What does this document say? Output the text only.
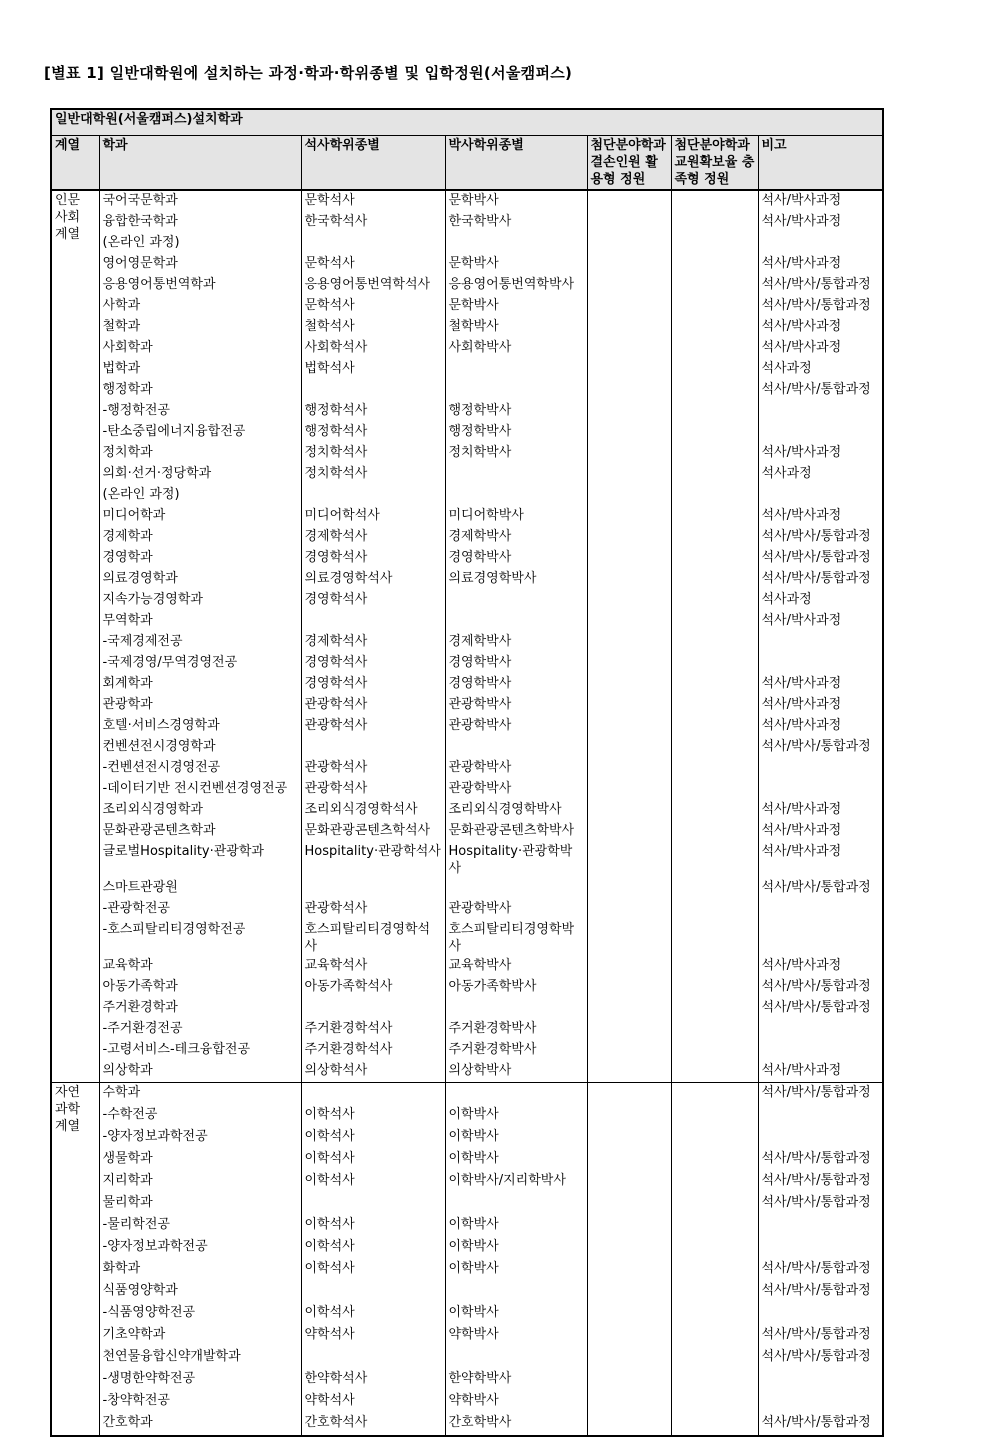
[별표 1] 일반대학원에 설치하는 과정·학과·학위종별 및 입학정원(서울캠퍼스)
일반대학원(서울캠퍼스)설치학과						
계열	학과	석사학위종별	박사학위종별	첨단분야학과 결손인원 활용형 정원	첨단분야학과 교원확보율 충족형 정원	비고
인문
사회
계열	국어국문학과	문학석사	문학박사			석사/박사과정
	융합한국학과	한국학석사	한국학박사			석사/박사과정
	(온라인 과정)					
	영어영문학과	문학석사	문학박사			석사/박사과정
	응용영어통번역학과	응용영어통번역학석사	응용영어통번역학박사			석사/박사/통합과정
	사학과	문학석사	문학박사			석사/박사/통합과정
	철학과	철학석사	철학박사			석사/박사과정
	사회학과	사회학석사	사회학박사			석사/박사과정
	법학과	법학석사				석사과정
	행정학과					석사/박사/통합과정
	-행정학전공	행정학석사	행정학박사			
	-탄소중립에너지융합전공	행정학석사	행정학박사			
	정치학과	정치학석사	정치학박사			석사/박사과정
	의회·선거·정당학과	정치학석사				석사과정
	(온라인 과정)					
	미디어학과	미디어학석사	미디어학박사			석사/박사과정
	경제학과	경제학석사	경제학박사			석사/박사/통합과정
	경영학과	경영학석사	경영학박사			석사/박사/통합과정
	의료경영학과	의료경영학석사	의료경영학박사			석사/박사/통합과정
	지속가능경영학과	경영학석사				석사과정
	무역학과					석사/박사과정
	-국제경제전공	경제학석사	경제학박사			
	-국제경영/무역경영전공	경영학석사	경영학박사			
	회계학과	경영학석사	경영학박사			석사/박사과정
	관광학과	관광학석사	관광학박사			석사/박사과정
	호텔·서비스경영학과	관광학석사	관광학박사			석사/박사과정
	컨벤션전시경영학과					석사/박사/통합과정
	-컨벤션전시경영전공	관광학석사	관광학박사			
	-데이터기반 전시컨벤션경영전공	관광학석사	관광학박사			
	조리외식경영학과	조리외식경영학석사	조리외식경영학박사			석사/박사과정
	문화관광콘텐츠학과	문화관광콘텐츠학석사	문화관광콘텐츠학박사			석사/박사과정
	글로벌Hospitality·관광학과	Hospitality·관광학석사	Hospitality·관광학박사			석사/박사과정
	스마트관광원					석사/박사/통합과정
	-관광학전공	관광학석사	관광학박사			
	-호스피탈리티경영학전공	호스피탈리티경영학석사	호스피탈리티경영학박사			
	교육학과	교육학석사	교육학박사			석사/박사과정
	아동가족학과	아동가족학석사	아동가족학박사			석사/박사/통합과정
	주거환경학과					석사/박사/통합과정
	-주거환경전공	주거환경학석사	주거환경학박사			
	-고령서비스-테크융합전공	주거환경학석사	주거환경학박사			
	의상학과	의상학석사	의상학박사			석사/박사과정
자연
과학
계열	수학과					석사/박사/통합과정
	-수학전공	이학석사	이학박사			
	-양자정보과학전공	이학석사	이학박사			
	생물학과	이학석사	이학박사			석사/박사/통합과정
	지리학과	이학석사	이학박사/지리학박사			석사/박사/통합과정
	물리학과					석사/박사/통합과정
	-물리학전공	이학석사	이학박사			
	-양자정보과학전공	이학석사	이학박사			
	화학과	이학석사	이학박사			석사/박사/통합과정
	식품영양학과					석사/박사/통합과정
	-식품영양학전공	이학석사	이학박사			
	기초약학과	약학석사	약학박사			석사/박사/통합과정
	천연물융합신약개발학과					석사/박사/통합과정
	-생명한약학전공	한약학석사	한약학박사			
	-창약학전공	약학석사	약학박사			
	간호학과	간호학석사	간호학박사			석사/박사/통합과정
